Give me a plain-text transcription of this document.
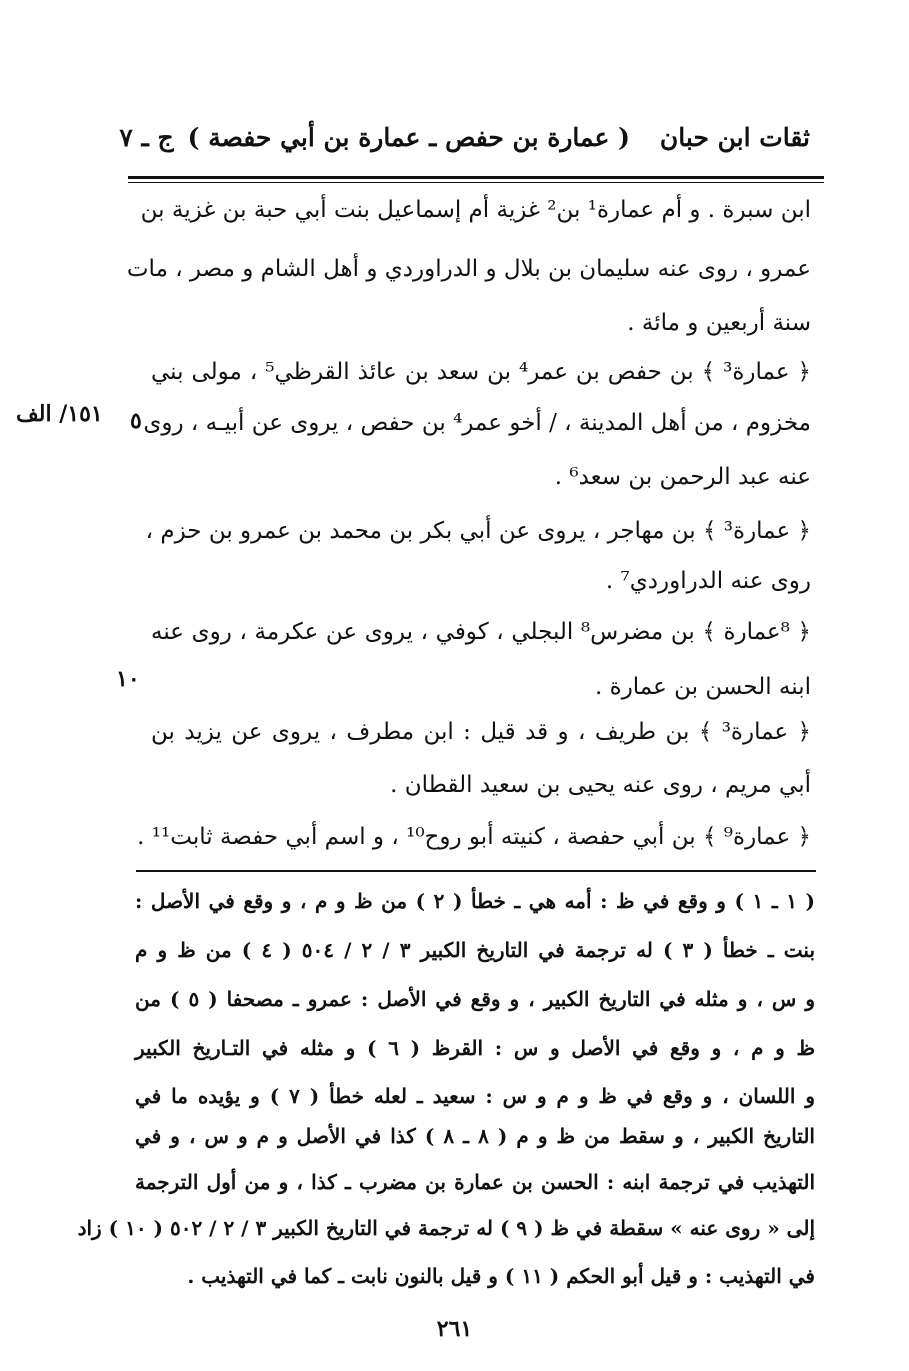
ثقات ابن حبان
( عمارة بن حفص ـ عمارة بن أبي حفصة )
ج ـ ٧
ابن سبرة . و أم عمارة¹ بن² غزية أم إسماعيل بنت أبي حبة بن غزية بن
عمرو ، روى عنه سليمان بن بلال و الدراوردي و أهل الشام و مصر ، مات
سنة أربعين و مائة .
﴿ عمارة³ ﴾ بن حفص بن عمر⁴ بن سعد بن عائذ القرظي⁵ ، مولى بني
مخزوم ، من أهل المدينة ، / أخو عمر⁴ بن حفص ، يروى عن أبيـه ، روى
عنه عبد الرحمن بن سعد⁶ .
﴿ عمارة³ ﴾ بن مهاجر ، يروى عن أبي بكر بن محمد بن عمرو بن حزم ،
روى عنه الدراوردي⁷ .
﴿ ⁸عمارة ﴾ بن مضرس⁸ البجلي ، كوفي ، يروى عن عكرمة ، روى عنه
ابنه الحسن بن عمارة .
﴿ عمارة³ ﴾ بن طريف ، و قد قيل : ابن مطرف ، يروى عن يزيد بن
أبي مريم ، روى عنه يحيى بن سعيد القطان .
﴿ عمارة⁹ ﴾ بن أبي حفصة ، كنيته أبو روح¹⁰ ، و اسم أبي حفصة ثابت¹¹ .
١٥١/ الف ٥
١٠
( ١ ـ ١ ) و وقع في ظ : أمه هي ـ خطأ ( ٢ ) من ظ و م ، و وقع في الأصل :
بنت ـ خطأ ( ٣ ) له ترجمة في التاريخ الكبير ٣ / ٢ / ٥٠٤ ( ٤ ) من ظ و م
و س ، و مثله في التاريخ الكبير ، و وقع في الأصل : عمرو ـ مصحفا ( ٥ ) من
ظ و م ، و وقع في الأصل و س : القرظ ( ٦ ) و مثله في التـاريخ الكبير
و اللسان ، و وقع في ظ و م و س : سعيد ـ لعله خطأ ( ٧ ) و يؤيده ما في
التاريخ الكبير ، و سقط من ظ و م ( ٨ ـ ٨ ) كذا في الأصل و م و س ، و في
التهذيب في ترجمة ابنه : الحسن بن عمارة بن مضرب ـ كذا ، و من أول الترجمة
إلى « روى عنه » سقطة في ظ ( ٩ ) له ترجمة في التاريخ الكبير ٣ / ٢ / ٥٠٢ ( ١٠ ) زاد
في التهذيب : و قيل أبو الحكم ( ١١ ) و قيل بالنون نابت ـ كما في التهذيب .
٢٦١
